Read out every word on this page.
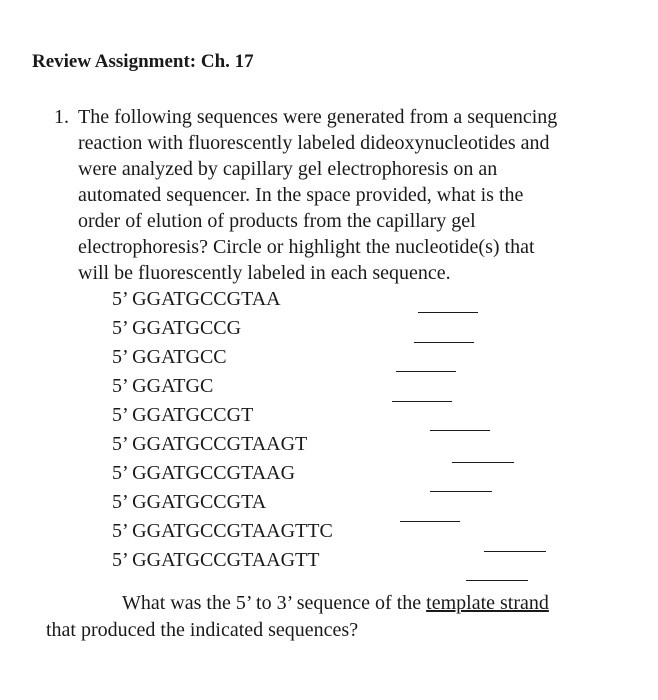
Review Assignment: Ch. 17
1. The following sequences were generated from a sequencing
reaction with fluorescently labeled dideoxynucleotides and
were analyzed by capillary gel electrophoresis on an
automated sequencer. In the space provided, what is the
order of elution of products from the capillary gel
electrophoresis? Circle or highlight the nucleotide(s) that
will be fluorescently labeled in each sequence.
5’ GGATGCCGTAA
5’ GGATGCCG
5’ GGATGCC
5’ GGATGC
5’ GGATGCCGT
5’ GGATGCCGTAAGT
5’ GGATGCCGTAAG
5’ GGATGCCGTA
5’ GGATGCCGTAAGTTC
5’ GGATGCCGTAAGTT
What was the 5’ to 3’ sequence of the template strand
that produced the indicated sequences?
